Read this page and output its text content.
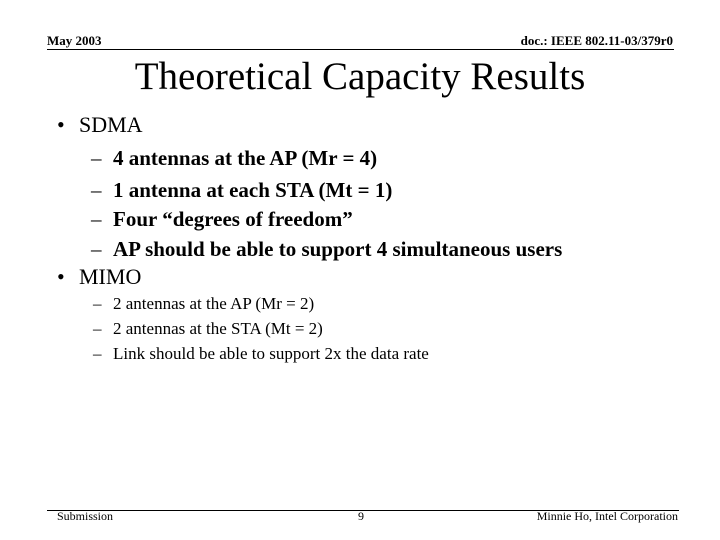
May 2003	doc.: IEEE 802.11-03/379r0
Theoretical Capacity Results
• SDMA
– 4 antennas at the AP (Mr = 4)
– 1 antenna at each STA (Mt = 1)
– Four “degrees of freedom”
– AP should be able to support 4 simultaneous users
• MIMO
– 2 antennas at the AP (Mr = 2)
– 2 antennas at the STA (Mt = 2)
– Link should be able to support 2x the data rate
Submission	9	Minnie Ho, Intel Corporation
